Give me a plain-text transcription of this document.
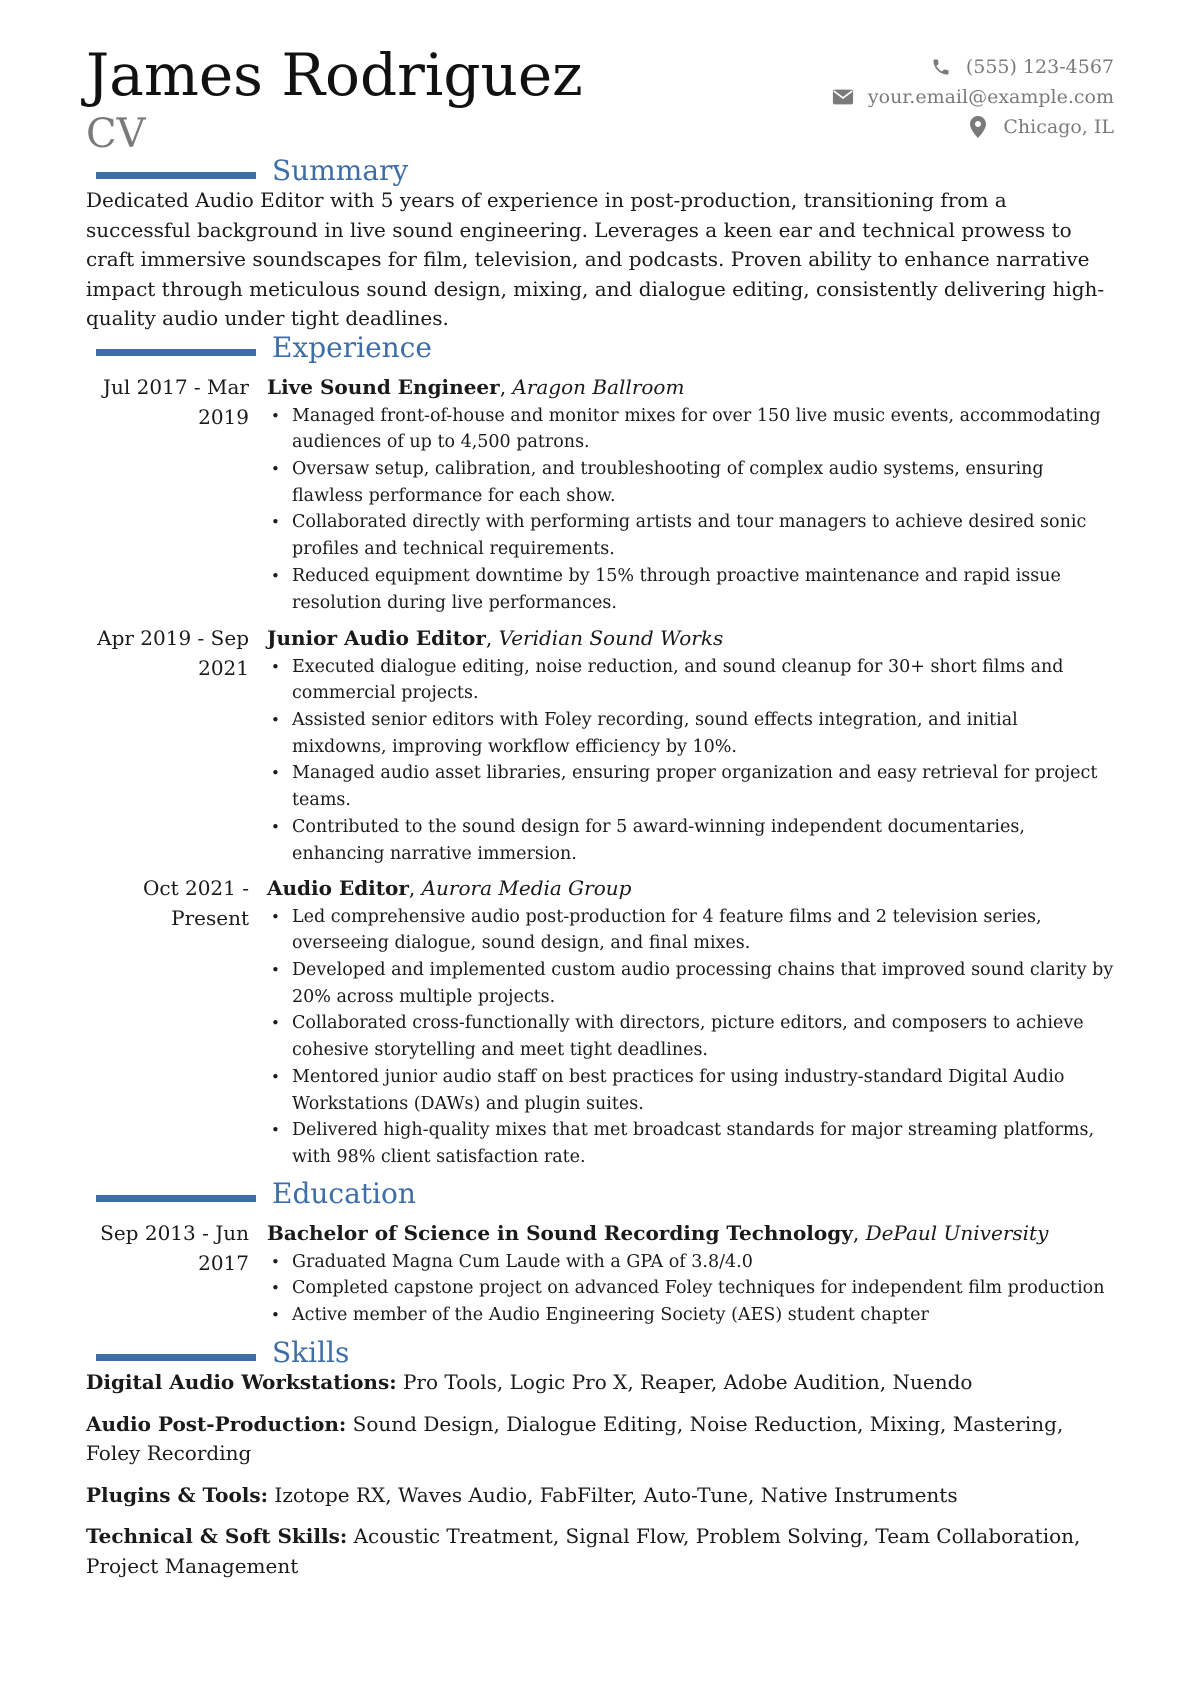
James Rodriguez
CV
(555) 123-4567
your.email@example.com
Chicago, IL
Summary
Dedicated Audio Editor with 5 years of experience in post-production, transitioning from a successful background in live sound engineering. Leverages a keen ear and technical prowess to craft immersive soundscapes for film, television, and podcasts. Proven ability to enhance narrative impact through meticulous sound design, mixing, and dialogue editing, consistently delivering high-quality audio under tight deadlines.
Experience
Jul 2017 - Mar 2019
Live Sound Engineer, Aragon Ballroom
• Managed front-of-house and monitor mixes for over 150 live music events, accommodating audiences of up to 4,500 patrons.
• Oversaw setup, calibration, and troubleshooting of complex audio systems, ensuring flawless performance for each show.
• Collaborated directly with performing artists and tour managers to achieve desired sonic profiles and technical requirements.
• Reduced equipment downtime by 15% through proactive maintenance and rapid issue resolution during live performances.
Apr 2019 - Sep 2021
Junior Audio Editor, Veridian Sound Works
• Executed dialogue editing, noise reduction, and sound cleanup for 30+ short films and commercial projects.
• Assisted senior editors with Foley recording, sound effects integration, and initial mixdowns, improving workflow efficiency by 10%.
• Managed audio asset libraries, ensuring proper organization and easy retrieval for project teams.
• Contributed to the sound design for 5 award-winning independent documentaries, enhancing narrative immersion.
Oct 2021 - Present
Audio Editor, Aurora Media Group
• Led comprehensive audio post-production for 4 feature films and 2 television series, overseeing dialogue, sound design, and final mixes.
• Developed and implemented custom audio processing chains that improved sound clarity by 20% across multiple projects.
• Collaborated cross-functionally with directors, picture editors, and composers to achieve cohesive storytelling and meet tight deadlines.
• Mentored junior audio staff on best practices for using industry-standard Digital Audio Workstations (DAWs) and plugin suites.
• Delivered high-quality mixes that met broadcast standards for major streaming platforms, with 98% client satisfaction rate.
Education
Sep 2013 - Jun 2017
Bachelor of Science in Sound Recording Technology, DePaul University
• Graduated Magna Cum Laude with a GPA of 3.8/4.0
• Completed capstone project on advanced Foley techniques for independent film production
• Active member of the Audio Engineering Society (AES) student chapter
Skills
Digital Audio Workstations: Pro Tools, Logic Pro X, Reaper, Adobe Audition, Nuendo
Audio Post-Production: Sound Design, Dialogue Editing, Noise Reduction, Mixing, Mastering, Foley Recording
Plugins & Tools: Izotope RX, Waves Audio, FabFilter, Auto-Tune, Native Instruments
Technical & Soft Skills: Acoustic Treatment, Signal Flow, Problem Solving, Team Collaboration, Project Management
